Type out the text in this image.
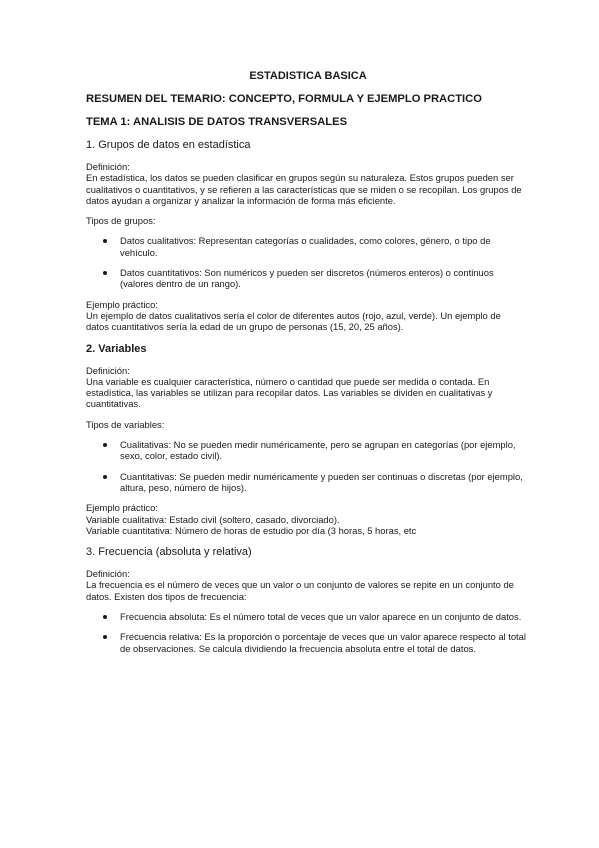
ESTADISTICA BASICA
RESUMEN DEL TEMARIO: CONCEPTO, FORMULA Y EJEMPLO PRACTICO
TEMA 1: ANALISIS DE DATOS TRANSVERSALES
1. Grupos de datos en estadística

Definición:

En estadística, los datos se pueden clasificar en grupos según su naturaleza. Estos grupos pueden ser cualitativos o cuantitativos, y se refieren a las características que se miden o se recopilan. Los grupos de datos ayudan a organizar y analizar la información de forma más eficiente.

Tipos de grupos:

Datos cualitativos: Representan categorías o cualidades, como colores, género, o tipo de vehículo.
Datos cuantitativos: Son numéricos y pueden ser discretos (números enteros) o continuos (valores dentro de un rango).

Ejemplo práctico:

Un ejemplo de datos cualitativos sería el color de diferentes autos (rojo, azul, verde). Un ejemplo de datos cuantitativos sería la edad de un grupo de personas (15, 20, 25 años).

2. Variables

Definición:

Una variable es cualquier característica, número o cantidad que puede ser medida o contada. En estadística, las variables se utilizan para recopilar datos. Las variables se dividen en cualitativas y cuantitativas.

Tipos de variables:

Cualitativas: No se pueden medir numéricamente, pero se agrupan en categorías (por ejemplo, sexo, color, estado civil).
Cuantitativas: Se pueden medir numéricamente y pueden ser continuas o discretas (por ejemplo, altura, peso, número de hijos).

Ejemplo práctico:

Variable cualitativa: Estado civil (soltero, casado, divorciado).

Variable cuantitativa: Número de horas de estudio por día (3 horas, 5 horas, etc

3. Frecuencia (absoluta y relativa)

Definición:

La frecuencia es el número de veces que un valor o un conjunto de valores se repite en un conjunto de datos. Existen dos tipos de frecuencia:

Frecuencia absoluta: Es el número total de veces que un valor aparece en un conjunto de datos.
Frecuencia relativa: Es la proporción o porcentaje de veces que un valor aparece respecto al total de observaciones. Se calcula dividiendo la frecuencia absoluta entre el total de datos.
